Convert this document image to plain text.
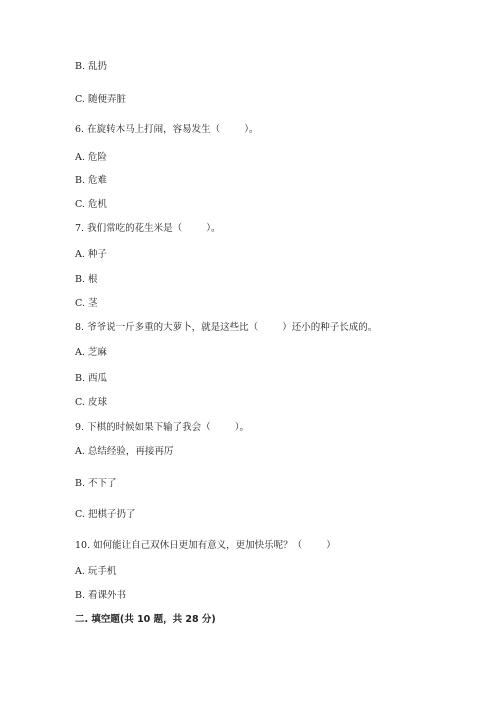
B. 乱扔

C. 随便弄脏

6. 在旋转木马上打闹，容易发生（        ）。

A. 危险

B. 危难

C. 危机

7. 我们常吃的花生米是（        ）。

A. 种子

B. 根

C. 茎

8. 爷爷说一斤多重的大萝卜，就是这些比（        ）还小的种子长成的。

A. 芝麻

B. 西瓜

C. 皮球

9. 下棋的时候如果下输了我会（        ）。

A. 总结经验，再接再厉

B. 不下了

C. 把棋子扔了

10. 如何能让自己双休日更加有意义，更加快乐呢？（        ）

A. 玩手机

B. 看课外书

二. 填空题(共 10 题，共 28 分)
